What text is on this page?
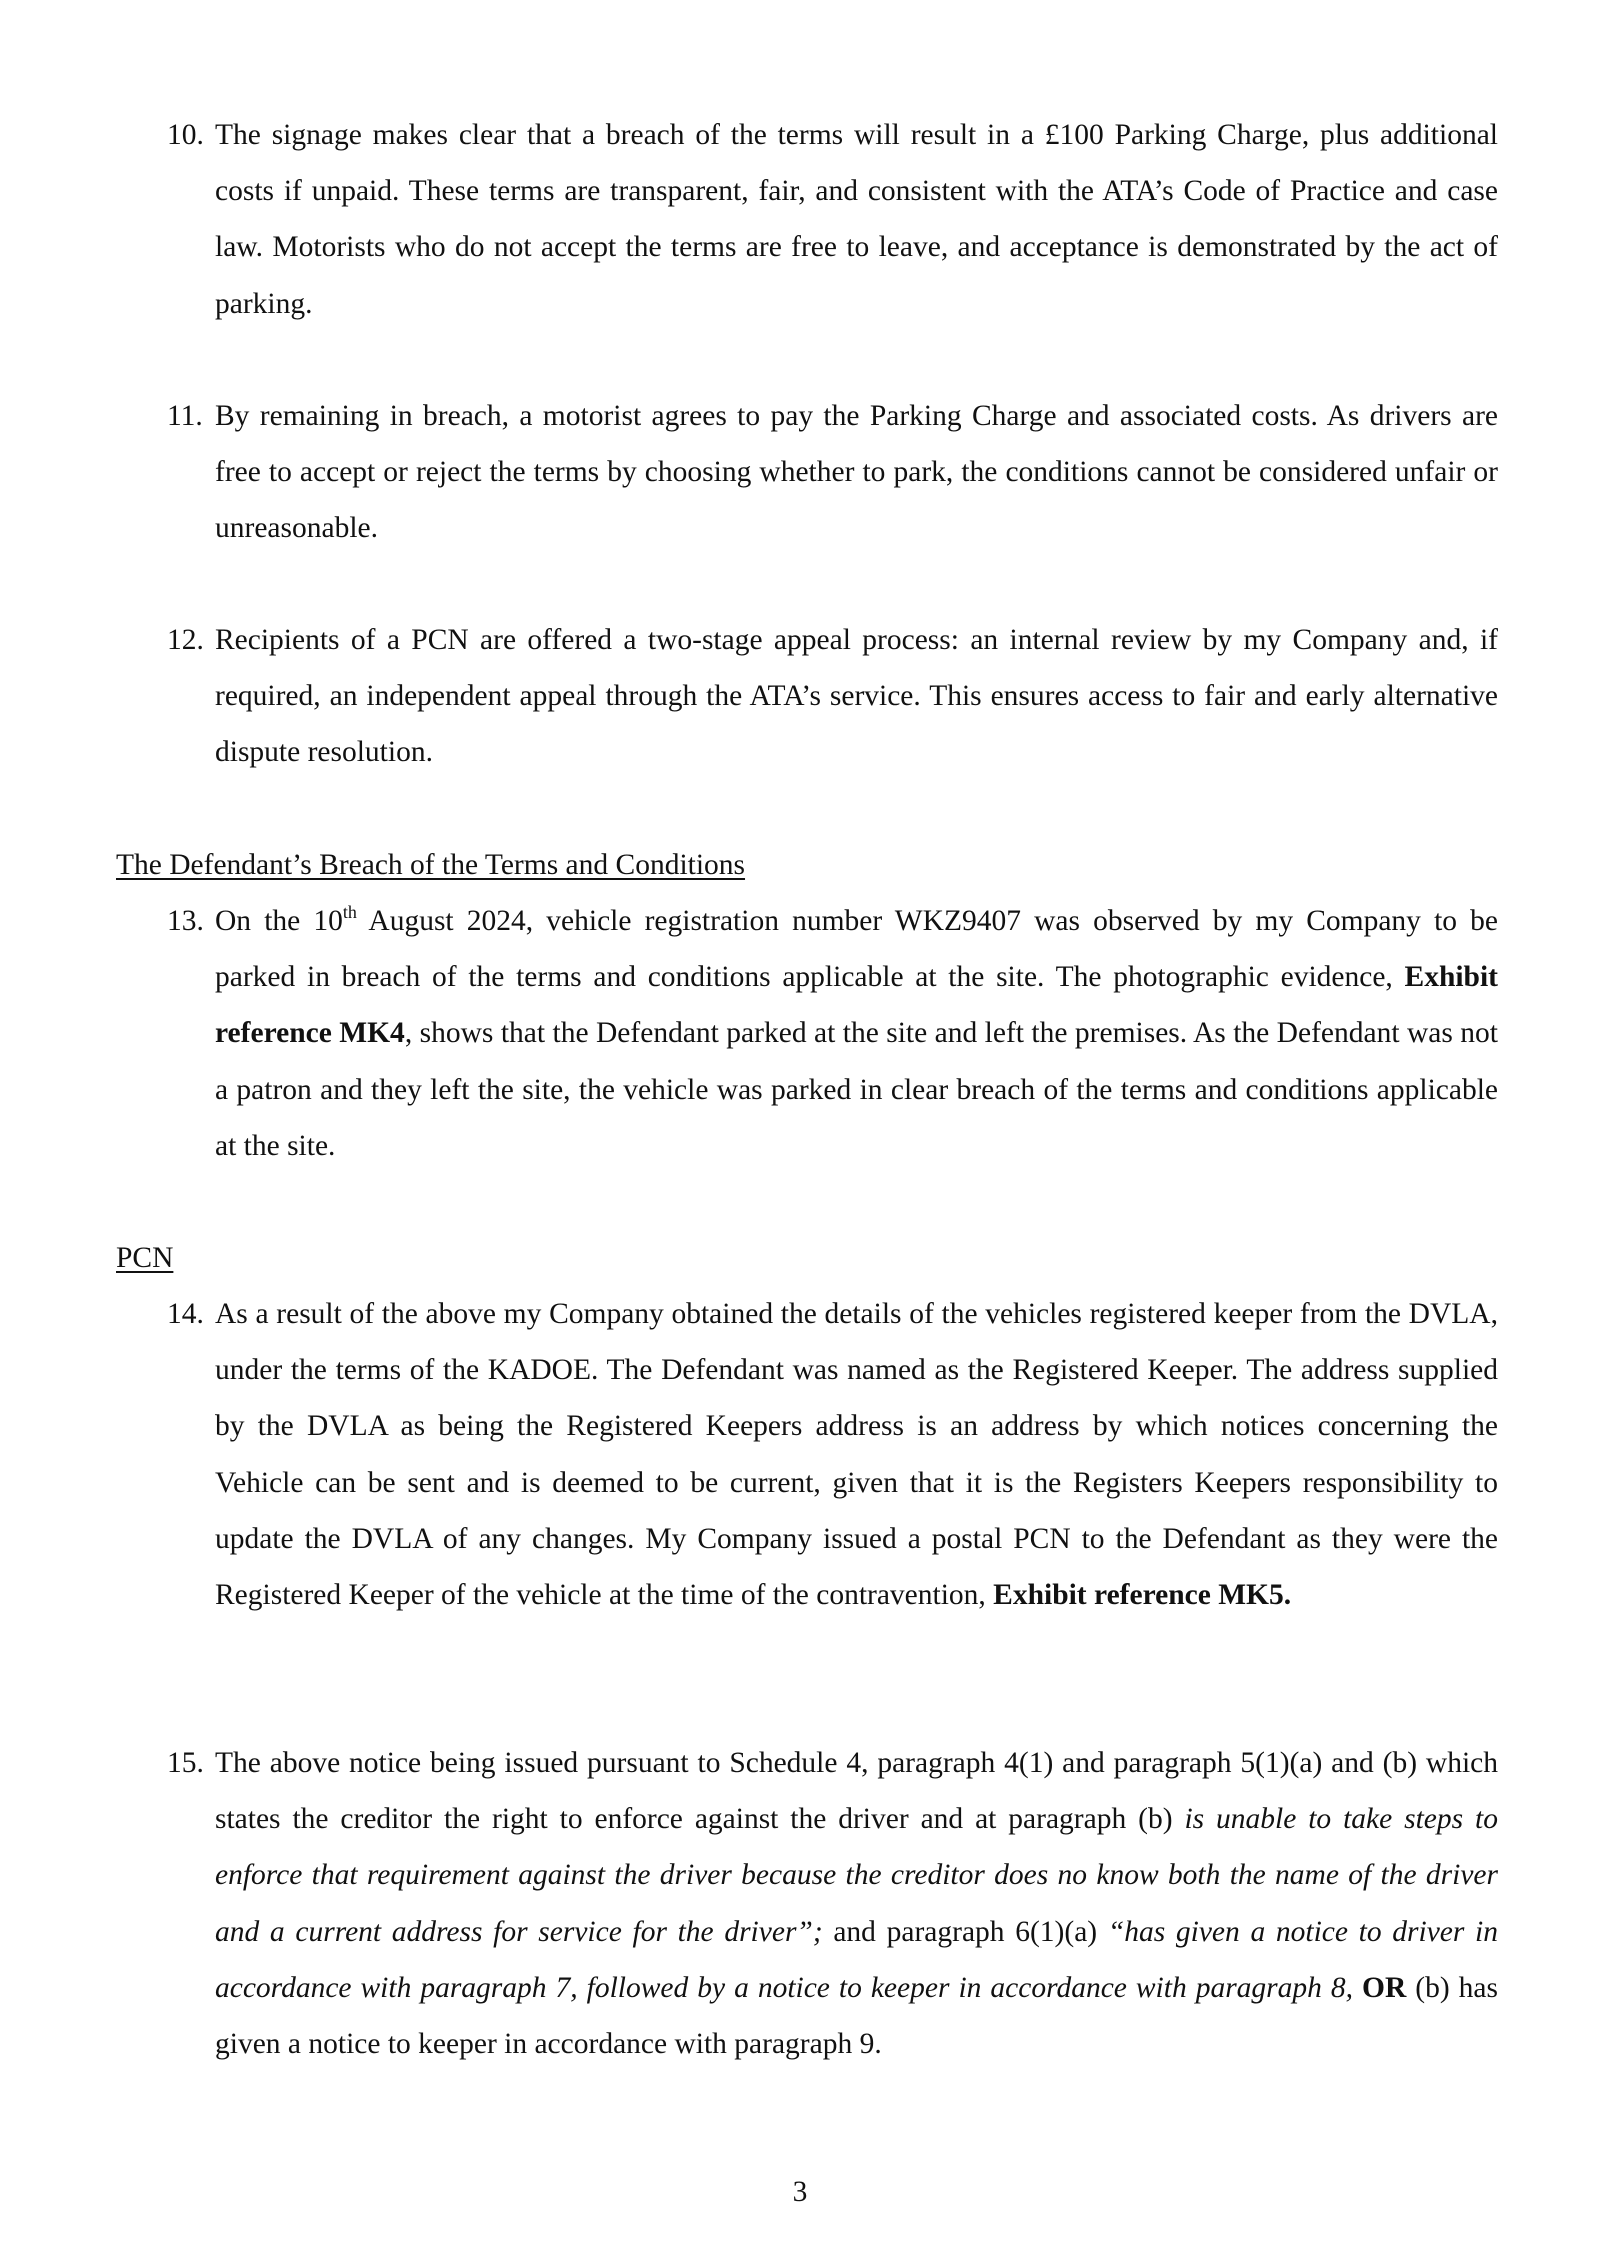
10. The signage makes clear that a breach of the terms will result in a £100 Parking Charge, plus additional costs if unpaid. These terms are transparent, fair, and consistent with the ATA’s Code of Practice and case law. Motorists who do not accept the terms are free to leave, and acceptance is demonstrated by the act of parking.
11. By remaining in breach, a motorist agrees to pay the Parking Charge and associated costs. As drivers are free to accept or reject the terms by choosing whether to park, the conditions cannot be considered unfair or unreasonable.
12. Recipients of a PCN are offered a two-stage appeal process: an internal review by my Company and, if required, an independent appeal through the ATA’s service. This ensures access to fair and early alternative dispute resolution.
The Defendant’s Breach of the Terms and Conditions
13. On the 10th August 2024, vehicle registration number WKZ9407 was observed by my Company to be parked in breach of the terms and conditions applicable at the site. The photographic evidence, Exhibit reference MK4, shows that the Defendant parked at the site and left the premises. As the Defendant was not a patron and they left the site, the vehicle was parked in clear breach of the terms and conditions applicable at the site.
PCN
14. As a result of the above my Company obtained the details of the vehicles registered keeper from the DVLA, under the terms of the KADOE. The Defendant was named as the Registered Keeper. The address supplied by the DVLA as being the Registered Keepers address is an address by which notices concerning the Vehicle can be sent and is deemed to be current, given that it is the Registers Keepers responsibility to update the DVLA of any changes. My Company issued a postal PCN to the Defendant as they were the Registered Keeper of the vehicle at the time of the contravention, Exhibit reference MK5.
15. The above notice being issued pursuant to Schedule 4, paragraph 4(1) and paragraph 5(1)(a) and (b) which states the creditor the right to enforce against the driver and at paragraph (b) is unable to take steps to enforce that requirement against the driver because the creditor does no know both the name of the driver and a current address for service for the driver”; and paragraph 6(1)(a) “has given a notice to driver in accordance with paragraph 7, followed by a notice to keeper in accordance with paragraph 8, OR (b) has given a notice to keeper in accordance with paragraph 9.
3
